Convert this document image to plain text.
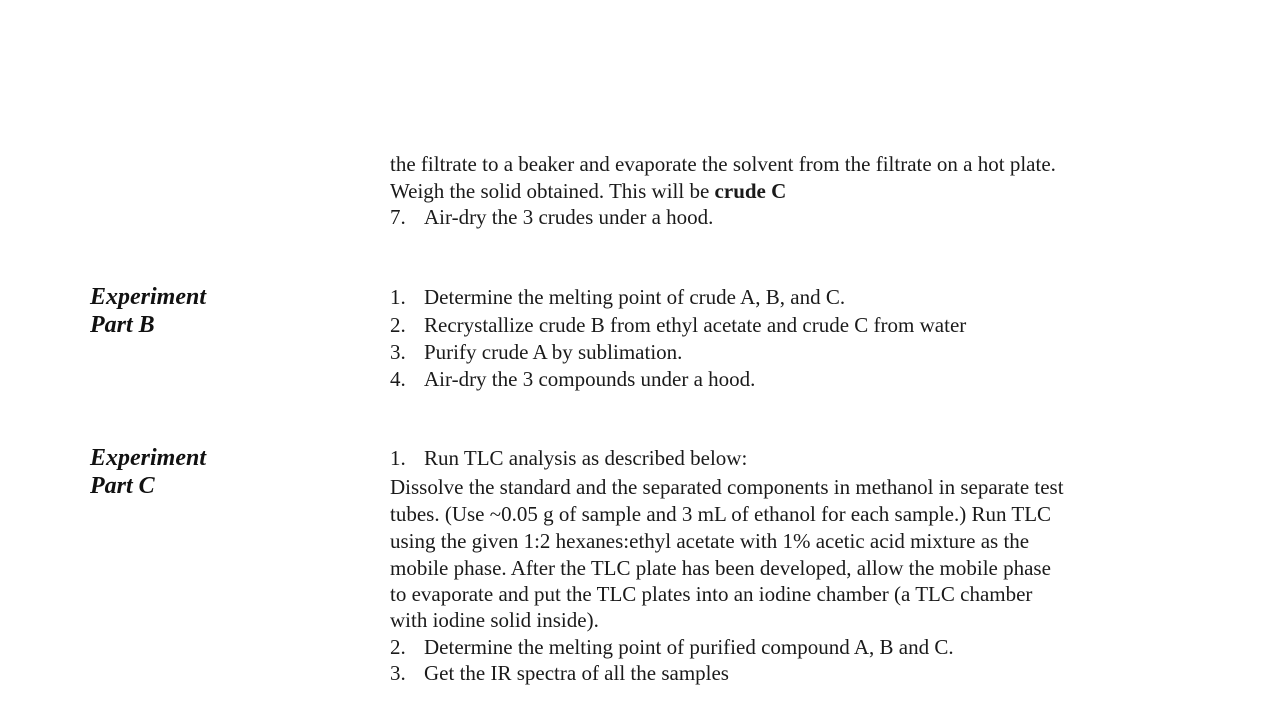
the filtrate to a beaker and evaporate the solvent from the filtrate on a hot plate.
Weigh the solid obtained. This will be crude C
7. Air-dry the 3 crudes under a hood.
Experiment
Part B
1. Determine the melting point of crude A, B, and C.
2. Recrystallize crude B from ethyl acetate and crude C from water
3. Purify crude A by sublimation.
4. Air-dry the 3 compounds under a hood.
Experiment
Part C
1. Run TLC analysis as described below:
Dissolve the standard and the separated components in methanol in separate test
tubes. (Use ~0.05 g of sample and 3 mL of ethanol for each sample.) Run TLC
using the given 1:2 hexanes:ethyl acetate with 1% acetic acid mixture as the
mobile phase. After the TLC plate has been developed, allow the mobile phase
to evaporate and put the TLC plates into an iodine chamber (a TLC chamber
with iodine solid inside).
2. Determine the melting point of purified compound A, B and C.
3. Get the IR spectra of all the samples
